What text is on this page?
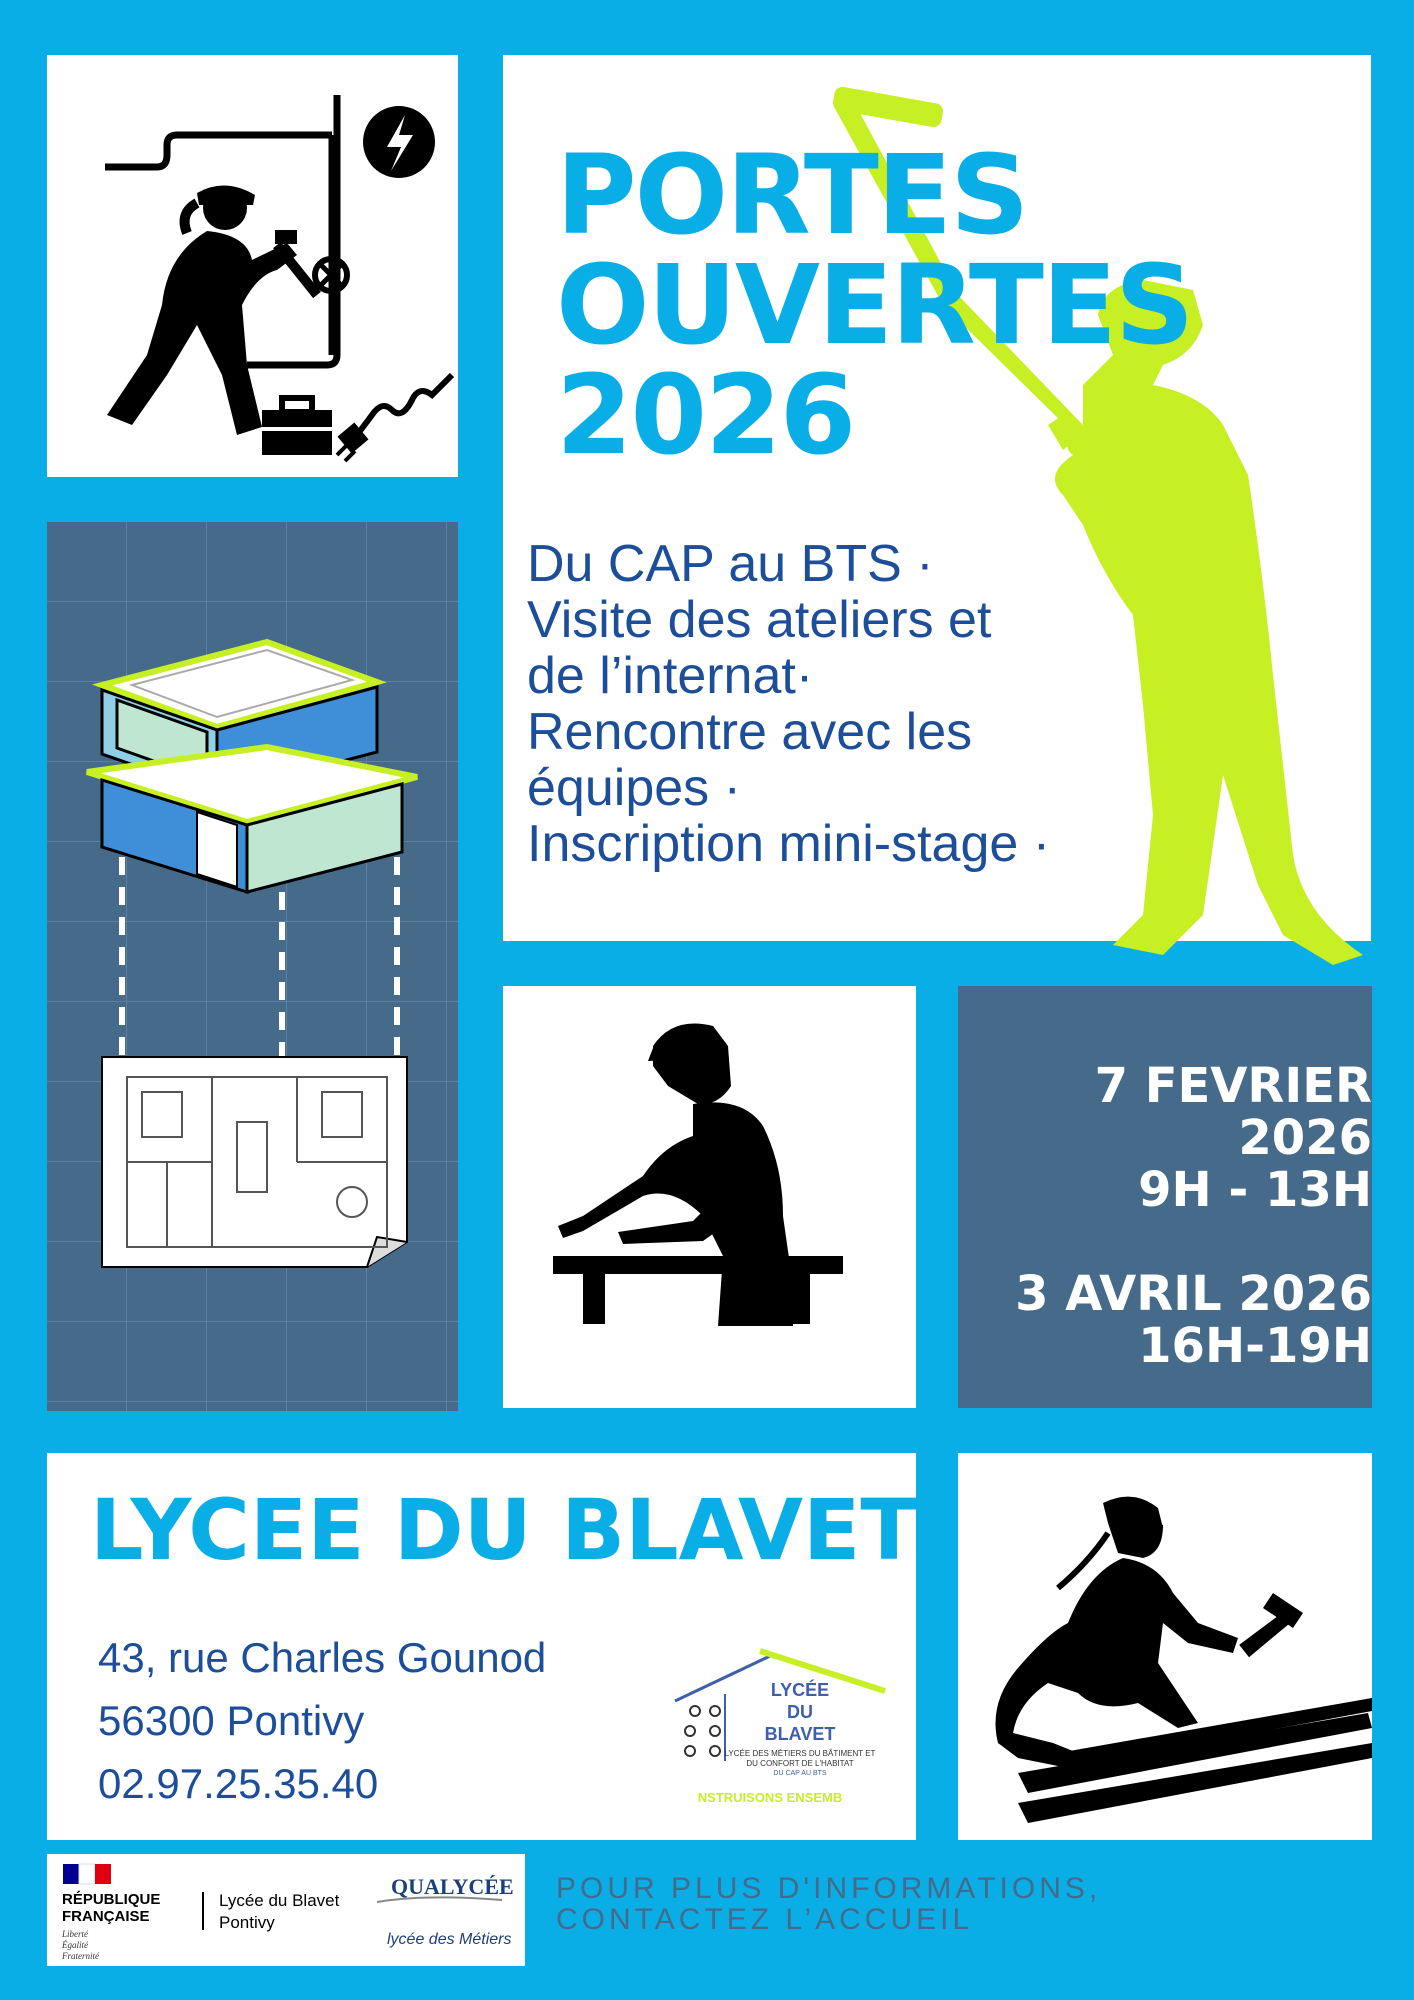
PORTES
OUVERTES
2026
Du CAP au BTS ·
Visite des ateliers et
de l’internat·
Rencontre avec les
équipes ·
Inscription mini-stage ·
7 FEVRIER 2026
9H - 13H
3 AVRIL 2026
16H-19H
LYCEE DU BLAVET
43, rue Charles Gounod
56300 Pontivy
02.97.25.35.40
LYCÉE
DU
BLAVET
LYCÉE DES MÉTIERS DU BÂTIMENT ET
DU CONFORT DE L'HABITAT
DU CAP AU BTS
NSTRUISONS ENSEMB
RÉPUBLIQUE
FRANÇAISE
Liberté
Égalité
Fraternité
Lycée du Blavet
Pontivy
QUALYCÉE
lycée des Métiers
POUR PLUS D'INFORMATIONS,
CONTACTEZ L’ACCUEIL
